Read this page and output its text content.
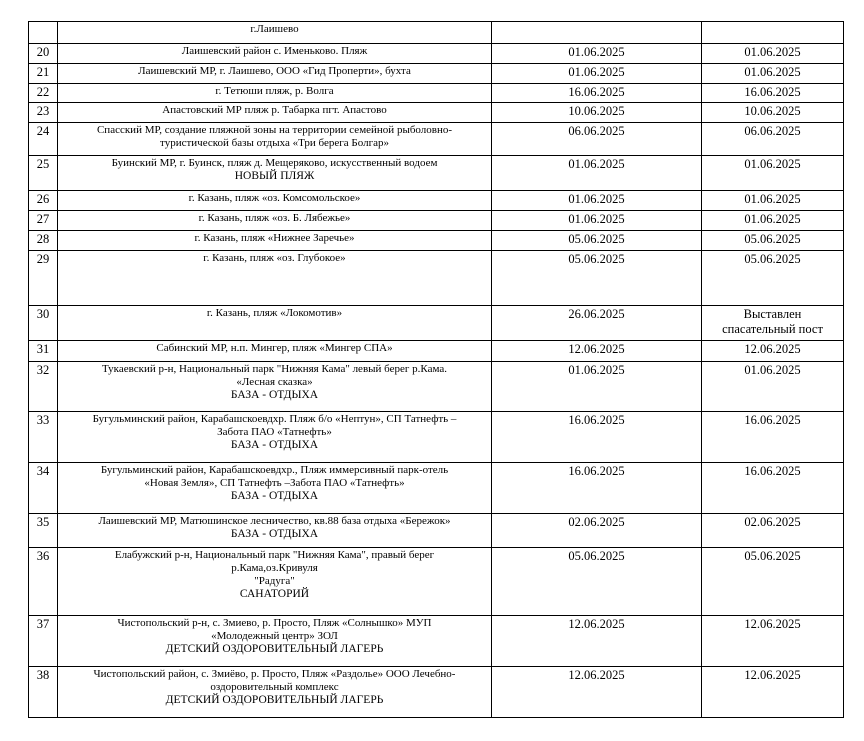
	г.Лаишево		

20	Лаишевский район с. Именьково. Пляж	01.06.2025	01.06.2025

21	Лаишевский МР, г. Лаишево, ООО «Гид Проперти», бухта	01.06.2025	01.06.2025

22	г. Тетюши пляж, р. Волга	16.06.2025	16.06.2025

23	Апастовский МР пляж р. Табарка пгт. Апастово	10.06.2025	10.06.2025

24	Спасский МР, создание пляжной зоны на территории семейной рыболовно-
туристической базы отдыха «Три берега Болгар»	06.06.2025	06.06.2025

25	Буинский МР, г. Буинск, пляж д. Мещеряково, искусственный водоем
НОВЫЙ ПЛЯЖ	01.06.2025	01.06.2025

26	г. Казань, пляж «оз. Комсомольское»	01.06.2025	01.06.2025

27	г. Казань, пляж «оз. Б. Лябежье»	01.06.2025	01.06.2025

28	г. Казань, пляж «Нижнее Заречье»	05.06.2025	05.06.2025

29	г. Казань, пляж «оз. Глубокое»	05.06.2025	05.06.2025

30	г. Казань, пляж «Локомотив»	26.06.2025	Выставлен
спасательный пост

31	Сабинский МР, н.п. Мингер, пляж «Мингер СПА»	12.06.2025	12.06.2025

32	Тукаевский р-н, Национальный парк "Нижняя Кама" левый берег р.Кама.
«Лесная сказка»
БАЗА - ОТДЫХА	01.06.2025	01.06.2025

33	Бугульминский район, Карабашскоевдхр. Пляж б/о «Нептун», СП Татнефть –
Забота ПАО «Татнефть»
БАЗА - ОТДЫХА	16.06.2025	16.06.2025

34	Бугульминский район, Карабашскоевдхр., Пляж иммерсивный парк-отель
«Новая Земля», СП Татнефть –Забота ПАО «Татнефть»
БАЗА - ОТДЫХА	16.06.2025	16.06.2025

35	Лаишевский МР, Матюшинское лесничество, кв.88 база отдыха «Бережок»
БАЗА - ОТДЫХА	02.06.2025	02.06.2025

36	Елабужский р-н, Национальный парк "Нижняя Кама", правый берег
р.Кама,оз.Кривуля
"Радуга"
САНАТОРИЙ	05.06.2025	05.06.2025

37	Чистопольский р-н, с. Змиево, р. Просто, Пляж «Солнышко» МУП
«Молодежный центр» ЗОЛ
ДЕТСКИЙ ОЗДОРОВИТЕЛЬНЫЙ ЛАГЕРЬ	12.06.2025	12.06.2025

38	Чистопольский район, с. Змиёво, р. Просто, Пляж «Раздолье» ООО Лечебно-
оздоровительный комплекс
ДЕТСКИЙ ОЗДОРОВИТЕЛЬНЫЙ ЛАГЕРЬ	12.06.2025	12.06.2025
